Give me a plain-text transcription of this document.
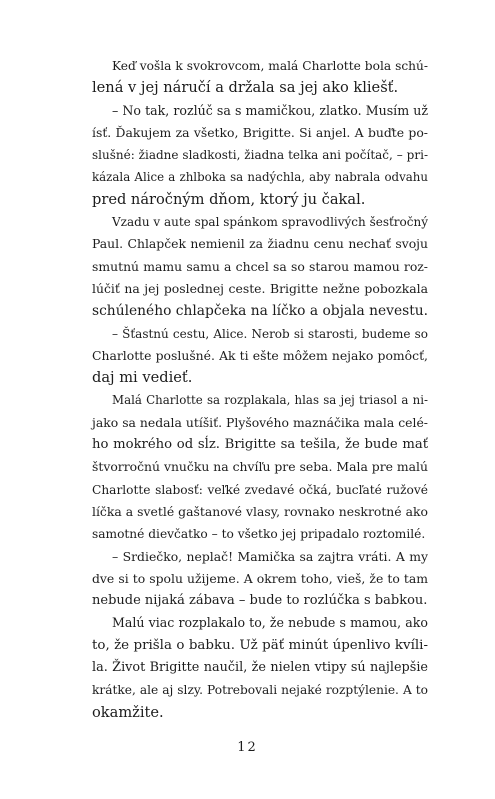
Keď vošla k svokrovcom, malá Charlotte bola schú-
lená v jej náručí a držala sa jej ako kliešť.
– No tak, rozlúč sa s mamičkou, zlatko. Musím už
ísť. Ďakujem za všetko, Brigitte. Si anjel. A buďte po-
slušné: žiadne sladkosti, žiadna telka ani počítač, – pri-
kázala Alice a zhlboka sa nadýchla, aby nabrala odvahu
pred náročným dňom, ktorý ju čakal.
Vzadu v aute spal spánkom spravodlivých šesťročný
Paul. Chlapček nemienil za žiadnu cenu nechať svoju
smutnú mamu samu a chcel sa so starou mamou roz-
lúčiť na jej poslednej ceste. Brigitte nežne pobozkala
schúleného chlapčeka na líčko a objala nevestu.
– Šťastnú cestu, Alice. Nerob si starosti, budeme so
Charlotte poslušné. Ak ti ešte môžem nejako pomôcť,
daj mi vedieť.
Malá Charlotte sa rozplakala, hlas sa jej triasol a ni-
jako sa nedala utíšiť. Plyšového maznáčika mala celé-
ho mokrého od sĺz. Brigitte sa tešila, že bude mať
štvorročnú vnučku na chvíľu pre seba. Mala pre malú
Charlotte slabosť: veľké zvedavé očká, bucľaté ružové
líčka a svetlé gaštanové vlasy, rovnako neskrotné ako
samotné dievčatko – to všetko jej pripadalo roztomilé.
– Srdiečko, neplač! Mamička sa zajtra vráti. A my
dve si to spolu užijeme. A okrem toho, vieš, že to tam
nebude nijaká zábava – bude to rozlúčka s babkou.
Malú viac rozplakalo to, že nebude s mamou, ako
to, že prišla o babku. Už päť minút úpenlivo kvíli-
la. Život Brigitte naučil, že nielen vtipy sú najlepšie
krátke, ale aj slzy. Potrebovali nejaké rozptýlenie. A to
okamžite.
12
